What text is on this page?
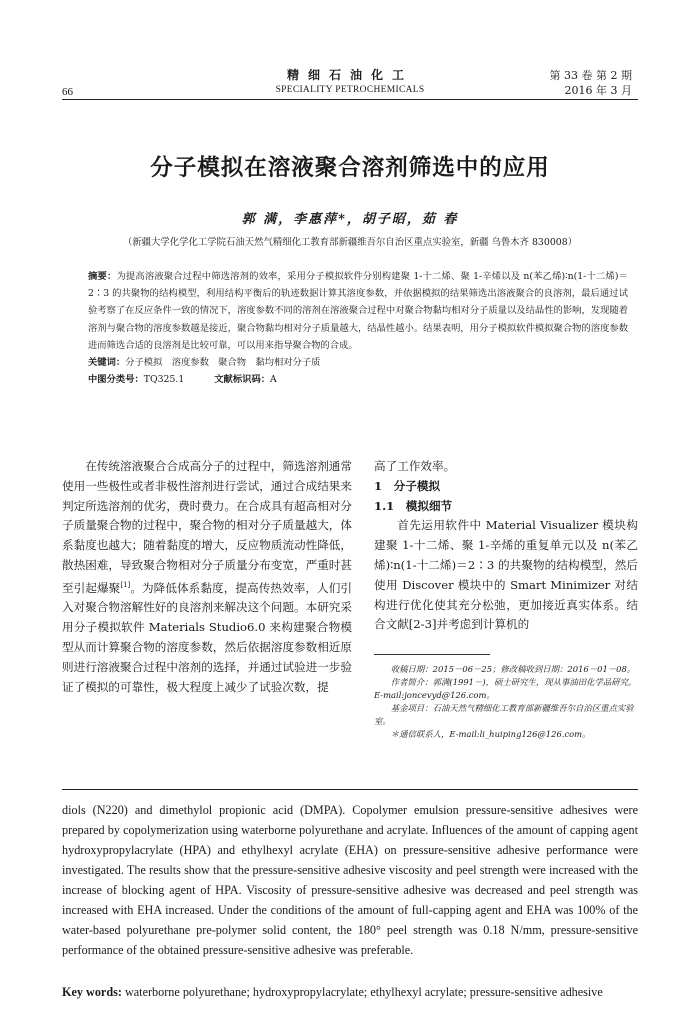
66
精细石油化工
SPECIALITY PETROCHEMICALS
第 33 卷 第 2 期
2016 年 3 月
分子模拟在溶液聚合溶剂筛选中的应用
郭 满，李惠萍*，胡子昭，茹 春
（新疆大学化学化工学院石油天然气精细化工教育部新疆维吾尔自治区重点实验室，新疆 乌鲁木齐 830008）
摘要：为提高溶液聚合过程中筛选溶剂的效率，采用分子模拟软件分别构建聚 1-十二烯、聚 1-辛烯以及 n(苯乙烯)∶n(1-十二烯)＝2∶3 的共聚物的结构模型，利用结构平衡后的轨迹数据计算其溶度参数，并依据模拟的结果筛选出溶液聚合的良溶剂，最后通过试验考察了在反应条件一致的情况下，溶度参数不同的溶剂在溶液聚合过程中对聚合物黏均相对分子质量以及结晶性的影响，发现随着溶剂与聚合物的溶度参数越是接近，聚合物黏均相对分子质量越大，结晶性越小。结果表明，用分子模拟软件模拟聚合物的溶度参数进而筛选合适的良溶剂是比较可靠，可以用来指导聚合物的合成。
关键词：分子模拟　溶度参数　聚合物　黏均相对分子质
中图分类号：TQ325.1	文献标识码：A

在传统溶液聚合合成高分子的过程中，筛选溶剂通常使用一些极性或者非极性溶剂进行尝试，通过合成结果来判定所选溶剂的优劣，费时费力。在合成具有超高相对分子质量聚合物的过程中，聚合物的相对分子质量越大，体系黏度也越大；随着黏度的增大，反应物质流动性降低，散热困难，导致聚合物相对分子质量分布变宽，严重时甚至引起爆聚[1]。为降低体系黏度，提高传热效率，人们引入对聚合物溶解性好的良溶剂来解决这个问题。本研究采用分子模拟软件 Materials Studio6.0 来构建聚合物模型从而计算聚合物的溶度参数，然后依据溶度参数相近原则进行溶液聚合过程中溶剂的选择，并通过试验进一步验证了模拟的可靠性，极大程度上减少了试验次数，提

高了工作效率。

1　分子模拟

1.1　模拟细节

首先运用软件中 Material Visualizer 模块构建聚 1-十二烯、聚 1-辛烯的重复单元以及 n(苯乙烯)∶n(1-十二烯)＝2∶3 的共聚物的结构模型，然后使用 Discover 模块中的 Smart Minimizer 对结构进行优化使其充分松弛，更加接近真实体系。结合文献[2-3]并考虑到计算机的

收稿日期：2015－06－25；修改稿收到日期：2016－01－08。

作者简介：郭满(1991－)，硕士研究生，现从事油田化学品研究。E-mail:joncevyd@126.com。

基金项目：石油天然气精细化工教育部新疆维吾尔自治区重点实验室。

＊通信联系人，E-mail:li_huiping126@126.com。

diols (N220) and dimethylol propionic acid (DMPA). Copolymer emulsion pressure-sensitive adhesives were prepared by copolymerization using waterborne polyurethane and acrylate. Influences of the amount of capping agent hydroxypropylacrylate (HPA) and ethylhexyl acrylate (EHA) on pressure-sensitive adhesive performance were investigated. The results show that the pressure-sensitive adhesive viscosity and peel strength were increased with the increase of blocking agent of HPA. Viscosity of pressure-sensitive adhesive was decreased and peel strength was increased with EHA increased. Under the conditions of the amount of full-capping agent and EHA was 100% of the water-based polyurethane pre-polymer solid content, the 180° peel strength was 0.18 N/mm, pressure-sensitive performance of the obtained pressure-sensitive adhesive was preferable.
Key words: waterborne polyurethane; hydroxypropylacrylate; ethylhexyl acrylate; pressure-sensitive adhesive
